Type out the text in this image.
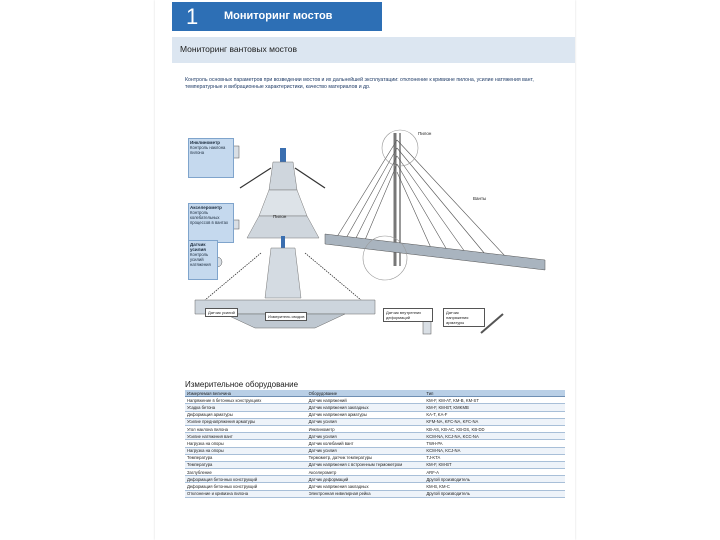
1 Мониторинг мостов
Мониторинг вантовых мостов
Контроль основных параметров при возведении мостов и их дальнейшей эксплуатации: отклонение к кривизне пилона, усилие натяжения вант, температурные и вибрационные характеристики, качество материалов и др.
Инклинометр
Контроль наклона пилона
Акселерометр
Контроль колебательных процессов в вантах
Датчик усилия
Контроль усилий натяжения
Пилон
Пилон
Ванты
Датчик усилий
Измеритель сводов
Датчик внутренних деформаций
Датчик напряжения арматуры
Измерительное оборудование
Измеряемая величина	Оборудование	Тип
Напряжение в бетонных конструкциях	Датчик напряжений	KM-F, KM-AT, KM-B, KM-ST
Усадка бетона	Датчик напряжения закладных	KM-F, KM-BT, KMKMB
Деформация арматуры	Датчик напряжения арматуры	KA-T, KA-F
Усилие преднапряжения арматуры	Датчик усилия	KFM-NA, KFC-NA, KFC-NA
Угол наклона пилона	Инклинометр	KB-AS, KB-AC, KB-DS, KB-DD
Усилие натяжения вант	Датчик усилия	KCM-NA, KCJ-NA, KCC-NA
Нагрузка на опоры	Датчик колебаний вант	TWH-PA
Нагрузка на опоры	Датчик усилия	KCM-NA, KCJ-NA
Температура	Термометр, датчик температуры	TJ-KTA
Температура	Датчик напряжения с встроенным термометром	KM-F, KM-BT
Заглубление	Акселерометр	ARF-A
Деформация бетонных конструкций	Датчик деформаций	Другой производитель
Деформация бетонных конструкций	Датчик напряжения закладных	KM-B, KM-C
Отклонение и кривизна пилона	Электронная нивелирная рейка	Другой производитель
